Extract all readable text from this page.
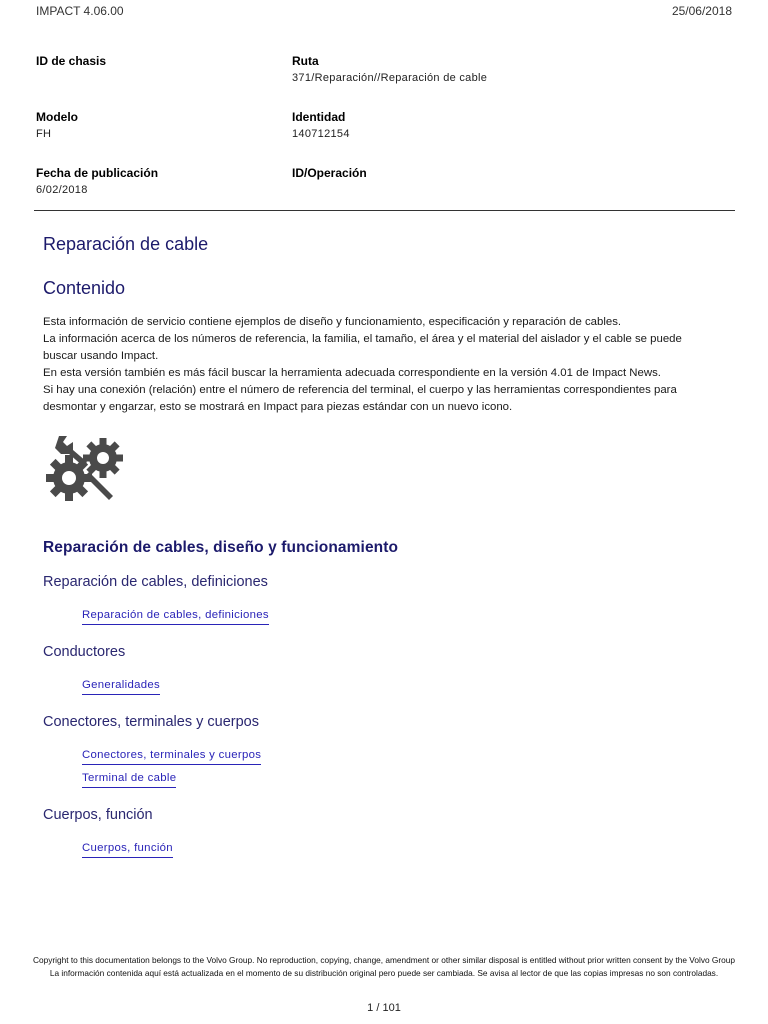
IMPACT 4.06.00	25/06/2018
ID de chasis	Ruta
371/Reparación//Reparación de cable
Modelo
FH
Identidad
140712154
Fecha de publicación
6/02/2018
ID/Operación
Reparación de cable
Contenido

Esta información de servicio contiene ejemplos de diseño y funcionamiento, especificación y reparación de cables.

La información acerca de los números de referencia, la familia, el tamaño, el área y el material del aislador y el cable se puede buscar usando Impact.

En esta versión también es más fácil buscar la herramienta adecuada correspondiente en la versión 4.01 de Impact News.

Si hay una conexión (relación) entre el número de referencia del terminal, el cuerpo y las herramientas correspondientes para desmontar y engarzar, esto se mostrará en Impact para piezas estándar con un nuevo icono.

Reparación de cables, diseño y funcionamiento
Reparación de cables, definiciones
Reparación de cables, definiciones
Conductores
Generalidades
Conectores, terminales y cuerpos
Conectores, terminales y cuerpos
Terminal de cable
Cuerpos, función
Cuerpos, función
Copyright to this documentation belongs to the Volvo Group. No reproduction, copying, change, amendment or other similar disposal is entitled without prior written consent by the Volvo Group
La información contenida aquí está actualizada en el momento de su distribución original pero puede ser cambiada. Se avisa al lector de que las copias impresas no son controladas.
1 / 101
